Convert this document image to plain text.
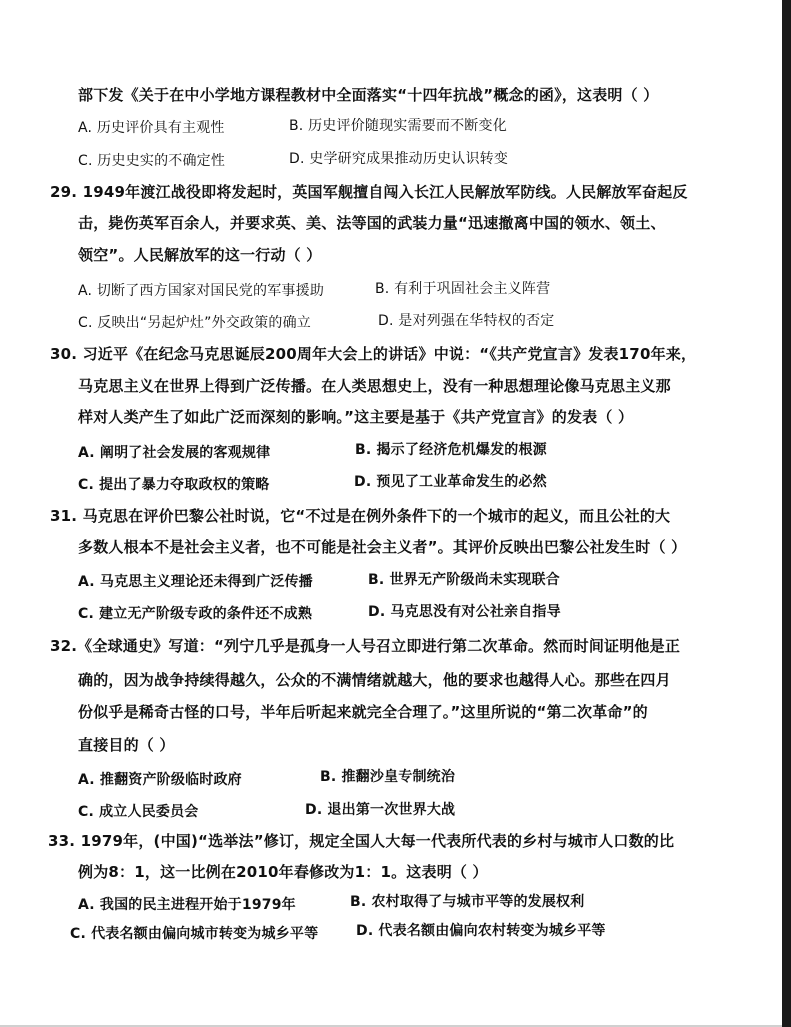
部下发《关于在中小学地方课程教材中全面落实“十四年抗战”概念的函》，这表明（ ）
A. 历史评价具有主观性	B. 历史评价随现实需要而不断变化
C. 历史史实的不确定性	D. 史学研究成果推动历史认识转变
29. 1949年渡江战役即将发起时，英国军舰擅自闯入长江人民解放军防线。人民解放军奋起反
击，毙伤英军百余人，并要求英、美、法等国的武装力量“迅速撤离中国的领水、领土、
领空”。人民解放军的这一行动（ ）
A. 切断了西方国家对国民党的军事援助	B. 有利于巩固社会主义阵营
C. 反映出“另起炉灶”外交政策的确立	D. 是对列强在华特权的否定
30. 习近平《在纪念马克思诞辰200周年大会上的讲话》中说：“《共产党宣言》发表170年来，
马克思主义在世界上得到广泛传播。在人类思想史上，没有一种思想理论像马克思主义那
样对人类产生了如此广泛而深刻的影响。”这主要是基于《共产党宣言》的发表（ ）
A. 阐明了社会发展的客观规律	B. 揭示了经济危机爆发的根源
C. 提出了暴力夺取政权的策略	D. 预见了工业革命发生的必然
31. 马克思在评价巴黎公社时说，它“不过是在例外条件下的一个城市的起义，而且公社的大
多数人根本不是社会主义者，也不可能是社会主义者”。其评价反映出巴黎公社发生时（ ）
A. 马克思主义理论还未得到广泛传播	B. 世界无产阶级尚未实现联合
C. 建立无产阶级专政的条件还不成熟	D. 马克思没有对公社亲自指导
32.《全球通史》写道：“列宁几乎是孤身一人号召立即进行第二次革命。然而时间证明他是正
确的，因为战争持续得越久，公众的不满情绪就越大，他的要求也越得人心。那些在四月
份似乎是稀奇古怪的口号，半年后听起来就完全合理了。”这里所说的“第二次革命”的
直接目的（ ）
A. 推翻资产阶级临时政府	B. 推翻沙皇专制统治
C. 成立人民委员会	D. 退出第一次世界大战
33. 1979年，(中国)“选举法”修订，规定全国人大每一代表所代表的乡村与城市人口数的比
例为8：1，这一比例在2010年春修改为1：1。这表明（ ）
A. 我国的民主进程开始于1979年	B. 农村取得了与城市平等的发展权利
C. 代表名额由偏向城市转变为城乡平等	D. 代表名额由偏向农村转变为城乡平等
